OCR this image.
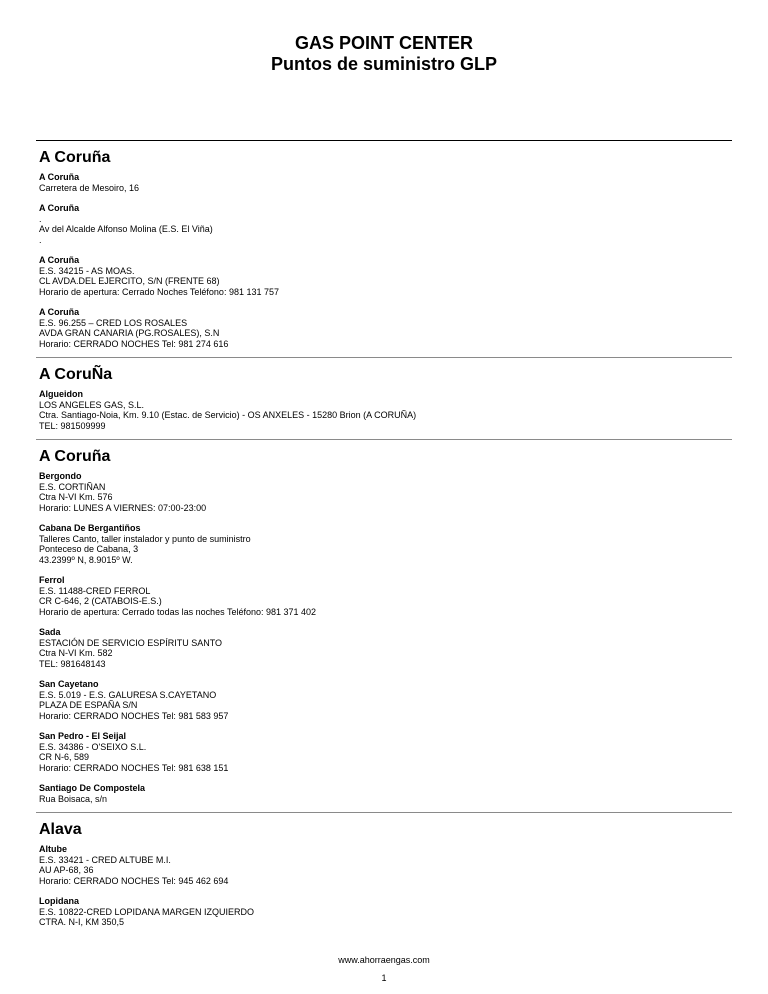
GAS POINT CENTER
Puntos de suministro GLP
A Coruña
A Coruña
Carretera de Mesoiro, 16
A Coruña
.
Av del Alcalde Alfonso Molina (E.S. El Viña)
.
A Coruña
E.S. 34215 - AS MOAS.
CL AVDA.DEL EJERCITO, S/N (FRENTE 68)
Horario de apertura: Cerrado Noches Teléfono: 981 131 757
A Coruña
E.S. 96.255 – CRED LOS ROSALES
AVDA GRAN CANARIA (PG.ROSALES), S.N
Horario: CERRADO NOCHES Tel: 981 274 616
A CoruÑa
Algueidon
LOS ANGELES GAS, S.L.
Ctra. Santiago-Noia, Km. 9.10 (Estac. de Servicio) - OS ANXELES - 15280 Brion (A CORUÑA)
TEL: 981509999
A Coruña
Bergondo
E.S. CORTIÑAN
Ctra N-VI Km. 576
Horario: LUNES A VIERNES: 07:00-23:00
Cabana De Bergantiños
Talleres Canto, taller instalador y punto de suministro
Ponteceso de Cabana, 3
43.2399º N, 8.9015º W.
Ferrol
E.S. 11488-CRED FERROL
CR C-646, 2 (CATABOIS-E.S.)
Horario de apertura: Cerrado todas las noches Teléfono: 981 371 402
Sada
ESTACIÓN DE SERVICIO ESPÍRITU SANTO
Ctra N-VI Km. 582
TEL: 981648143
San Cayetano
E.S. 5.019 - E.S. GALURESA S.CAYETANO
PLAZA DE ESPAÑA S/N
Horario: CERRADO NOCHES Tel: 981 583 957
San Pedro - El Seijal
E.S. 34386 - O'SEIXO S.L.
CR N-6, 589
Horario: CERRADO NOCHES Tel: 981 638 151
Santiago De Compostela
Rua Boisaca, s/n
Alava
Altube
E.S. 33421 - CRED ALTUBE M.I.
AU AP-68, 36
Horario: CERRADO NOCHES Tel: 945 462 694
Lopidana
E.S. 10822-CRED LOPIDANA MARGEN IZQUIERDO
CTRA. N-I, KM 350,5
www.ahorraengas.com
1
